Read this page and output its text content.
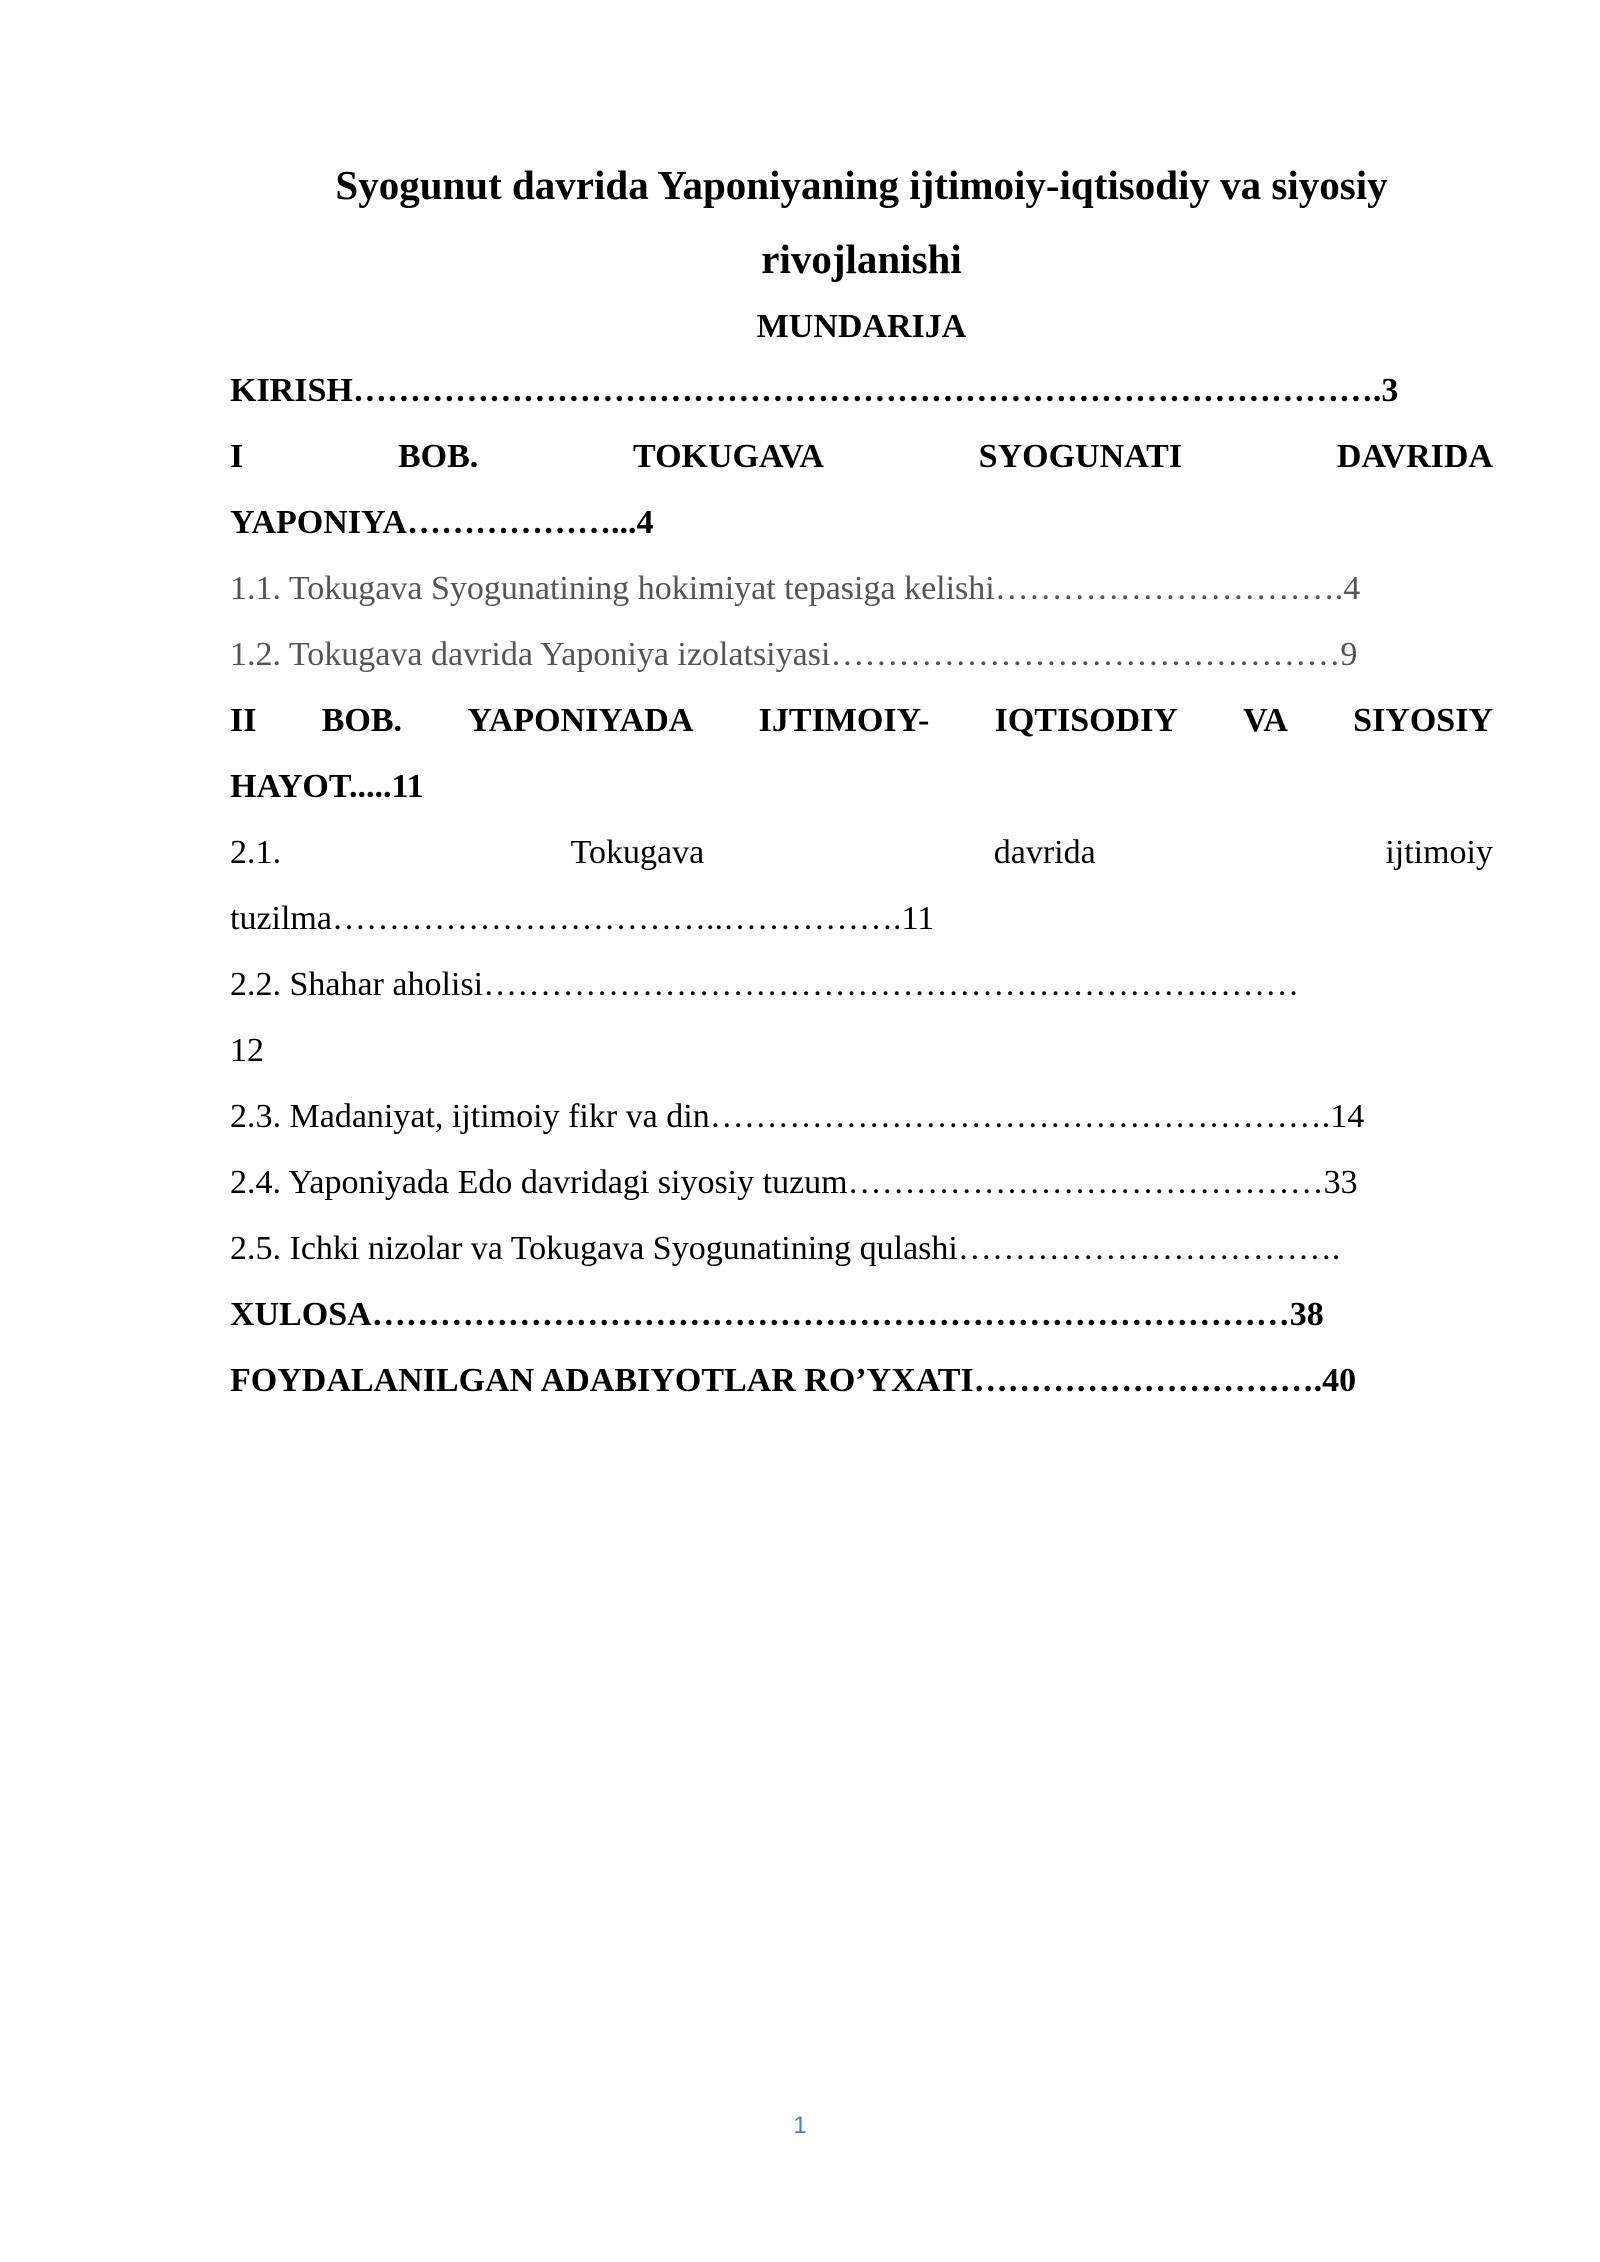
Syogunut davrida Yaponiyaning ijtimoiy-iqtisodiy va siyosiy rivojlanishi

MUNDARIJA

KIRISH……………………………………………………………………………….3

I	BOB.	TOKUGAVA	SYOGUNATI	DAVRIDA

YAPONIYA………………...4

1.1. Tokugava Syogunatining hokimiyat tepasiga kelishi………………………….4

1.2. Tokugava davrida Yaponiya izolatsiyasi………………………………………9

II BOB. YAPONIYADA IJTIMOIY- IQTISODIY VA SIYOSIY

HAYOT.....11

2.1.	Tokugava	davrida	ijtimoiy

tuzilma……………………………..…………….11

2.2. Shahar aholisi………………………………………………………………

12

2.3. Madaniyat, ijtimoiy fikr va din……………………………………………….14

2.4. Yaponiyada Edo davridagi siyosiy tuzum……………………………………33

2.5. Ichki nizolar va Tokugava Syogunatining qulashi…………………………….

XULOSA………………………………………………………………………38

FOYDALANILGAN ADABIYOTLAR RO’YXATI………………………….40

1
